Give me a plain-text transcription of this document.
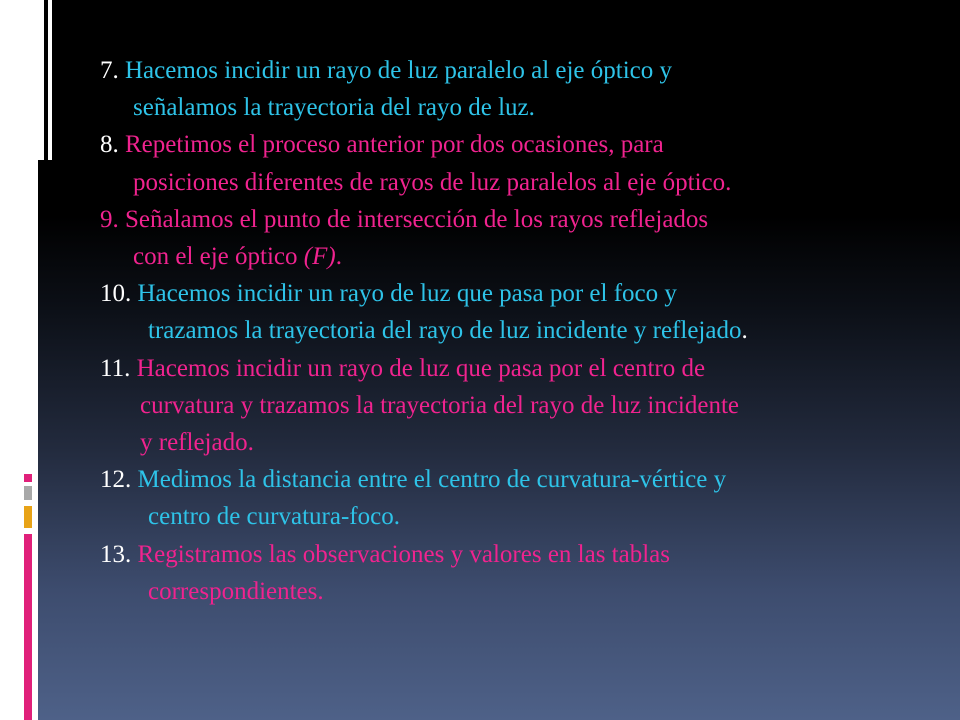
7. Hacemos incidir un rayo de luz paralelo al eje óptico y
señalamos la trayectoria del rayo de luz.
8. Repetimos el proceso anterior por dos ocasiones, para
posiciones diferentes de rayos de luz paralelos al eje óptico.
9. Señalamos el punto de intersección de los rayos reflejados
con el eje óptico (F).
10. Hacemos incidir un rayo de luz que pasa por el foco y
trazamos la trayectoria del rayo de luz incidente y reflejado.
11. Hacemos incidir un rayo de luz que pasa por el centro de
curvatura y trazamos la trayectoria del rayo de luz incidente
y reflejado.
12. Medimos la distancia entre el centro de curvatura-vértice y
centro de curvatura-foco.
13. Registramos las observaciones y valores en las tablas
correspondientes.
